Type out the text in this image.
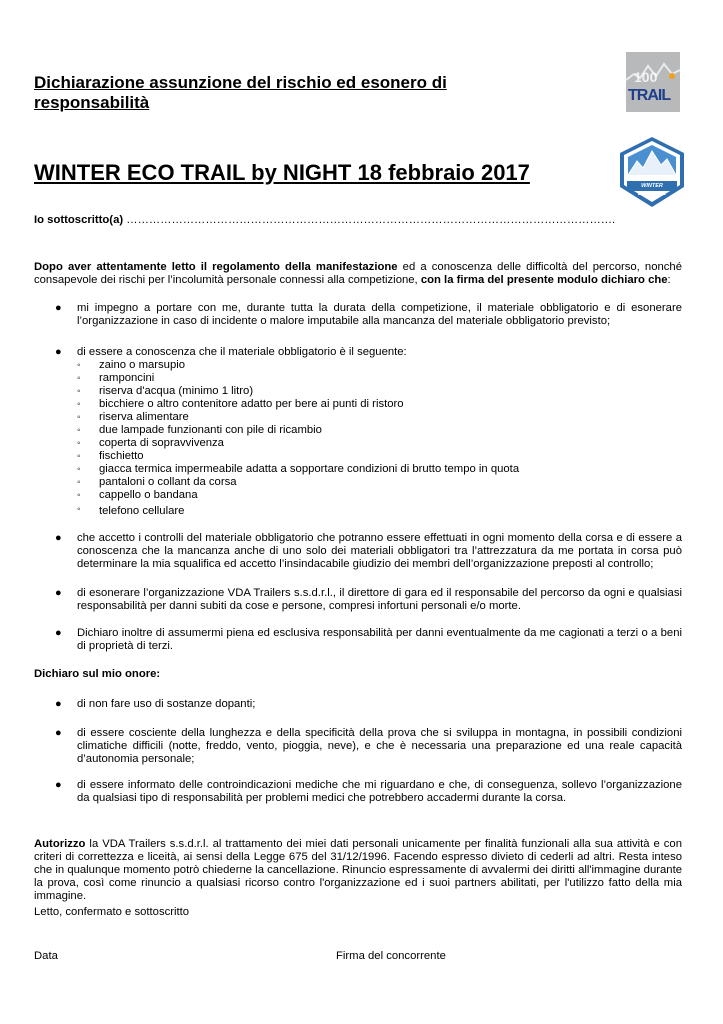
Dichiarazione assunzione del rischio ed esonero di responsabilità
100
TRAIL
WINTER ECO TRAIL by NIGHT 18 febbraio 2017
WINTER ECOTRAIL
Io sottoscritto(a) ………………………………………………………………………………………………………………….
Dopo aver attentamente letto il regolamento della manifestazione ed a conoscenza delle difficoltà del percorso, nonché consapevole dei rischi per l’incolumità personale connessi alla competizione, con la firma del presente modulo dichiaro che:
● mi impegno a portare con me, durante tutta la durata della competizione, il materiale obbligatorio e di esonerare l’organizzazione in caso di incidente o malore imputabile alla mancanza del materiale obbligatorio previsto;
● di essere a conoscenza che il materiale obbligatorio è il seguente:
◦ zaino o marsupio
◦ ramponcini
◦ riserva d'acqua (minimo 1 litro)
◦ bicchiere o altro contenitore adatto per bere ai punti di ristoro
◦ riserva alimentare
◦ due lampade funzionanti con pile di ricambio
◦ coperta di sopravvivenza
◦ fischietto
◦ giacca termica impermeabile adatta a sopportare condizioni di brutto tempo in quota
◦ pantaloni o collant da corsa
◦ cappello o bandana
◦ telefono cellulare
● che accetto i controlli del materiale obbligatorio che potranno essere effettuati in ogni momento della corsa e di essere a conoscenza che la mancanza anche di uno solo dei materiali obbligatori tra l’attrezzatura da me portata in corsa può determinare la mia squalifica ed accetto l’insindacabile giudizio dei membri dell’organizzazione preposti al controllo;
● di esonerare l’organizzazione VDA Trailers s.s.d.r.l., il direttore di gara ed il responsabile del percorso da ogni e qualsiasi responsabilità per danni subiti da cose e persone, compresi infortuni personali e/o morte.
● Dichiaro inoltre di assumermi piena ed esclusiva responsabilità per danni eventualmente da me cagionati a terzi o a beni di proprietà di terzi.
Dichiaro sul mio onore:
● di non fare uso di sostanze dopanti;
● di essere cosciente della lunghezza e della specificità della prova che si sviluppa in montagna, in possibili condizioni climatiche difficili (notte, freddo, vento, pioggia, neve), e che è necessaria una preparazione ed una reale capacità d’autonomia personale;
● di essere informato delle controindicazioni mediche che mi riguardano e che, di conseguenza, sollevo l’organizzazione da qualsiasi tipo di responsabilità per problemi medici che potrebbero accadermi durante la corsa.
Autorizzo la VDA Trailers s.s.d.r.l. al trattamento dei miei dati personali unicamente per finalità funzionali alla sua attività e con criteri di correttezza e liceità, ai sensi della Legge 675 del 31/12/1996. Facendo espresso divieto di cederli ad altri. Resta inteso che in qualunque momento potrò chiederne la cancellazione. Rinuncio espressamente di avvalermi dei diritti all'immagine durante la prova, così come rinuncio a qualsiasi ricorso contro l'organizzazione ed i suoi partners abilitati, per l'utilizzo fatto della mia immagine.
Letto, confermato e sottoscritto
Data	Firma del concorrente
